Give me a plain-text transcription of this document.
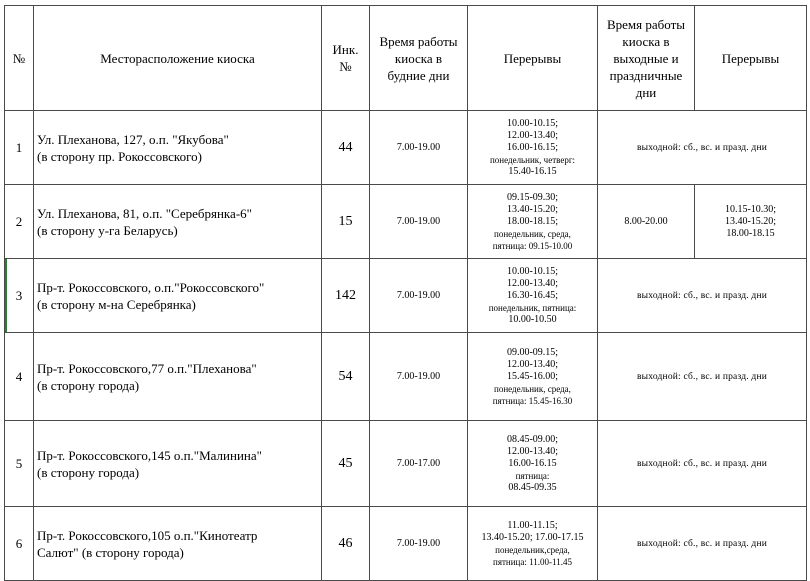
№	Месторасположение киоска	Инк.
№	Время работы
киоска в
будние дни	Перерывы	Время работы
киоска в
выходные и
праздничные
дни	Перерывы
1	Ул. Плеханова, 127, о.п. "Якубова"
(в сторону пр. Рокоссовского)	44	7.00-19.00	10.00-10.15;
12.00-13.40;
16.00-16.15;
понедельник, четверг:
15.40-16.15	выходной: сб., вс. и празд. дни	
2	Ул. Плеханова, 81, о.п. "Серебрянка-6"
(в сторону у-га Беларусь)	15	7.00-19.00	09.15-09.30;
13.40-15.20;
18.00-18.15;
понедельник, среда,
пятница: 09.15-10.00	8.00-20.00	10.15-10.30;
13.40-15.20;
18.00-18.15

3	Пр-т. Рокоссовского, о.п."Рокоссовского"
(в сторону м-на Серебрянка)	142	7.00-19.00	10.00-10.15;
12.00-13.40;
16.30-16.45;
понедельник, пятница:
10.00-10.50	выходной: сб., вс. и празд. дни	
4	Пр-т. Рокоссовского,77 о.п."Плеханова"
(в сторону города)	54	7.00-19.00	09.00-09.15;
12.00-13.40;
15.45-16.00;
понедельник, среда,
пятница: 15.45-16.30	выходной: сб., вс. и празд. дни	
5	Пр-т. Рокоссовского,145 о.п."Малинина"
(в сторону города)	45	7.00-17.00	08.45-09.00;
12.00-13.40;
16.00-16.15
пятница:
08.45-09.35	выходной: сб., вс. и празд. дни	
6	Пр-т. Рокоссовского,105 о.п."Кинотеатр
Салют" (в сторону города)	46	7.00-19.00	11.00-11.15;
13.40-15.20; 17.00-17.15
понедельник,среда,
пятница: 11.00-11.45	выходной: сб., вс. и празд. дни	
